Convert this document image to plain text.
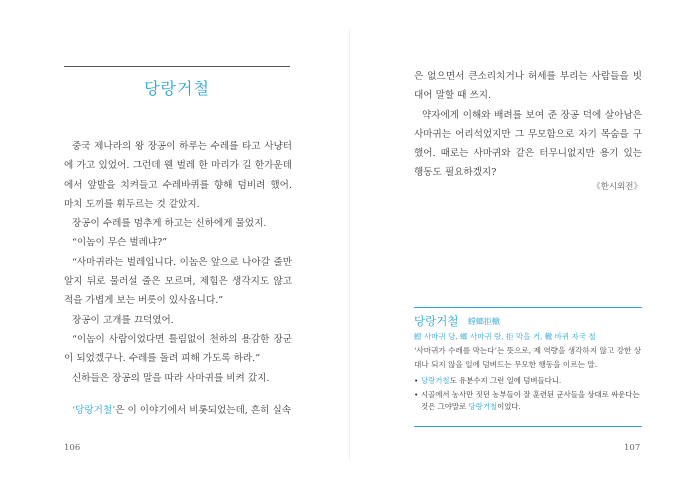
당랑거철

중국 제나라의 왕 장공이 하루는 수레를 타고 사냥터에 가고 있었어. 그런데 웬 벌레 한 마리가 길 한가운데에서 앞발을 치켜들고 수레바퀴를 향해 덤비려 했어. 마치 도끼를 휘두르는 것 같았지.

장공이 수레를 멈추게 하고는 신하에게 물었지.

“이놈이 무슨 벌레냐?”

“사마귀라는 벌레입니다. 이놈은 앞으로 나아갈 줄만 알지 뒤로 물러설 줄은 모르며, 제힘은 생각지도 않고 적을 가볍게 보는 버릇이 있사옵니다.”

장공이 고개를 끄덕였어.

“이놈이 사람이었다면 틀림없이 천하의 용감한 장군이 되었겠구나. 수레를 돌려 피해 가도록 하라.”

신하들은 장공의 말을 따라 사마귀를 비켜 갔지.

‘당랑거철’은 이 이야기에서 비롯되었는데, 흔히 실속
106

은 없으면서 큰소리치거나 허세를 부리는 사람들을 빗대어 말할 때 쓰지.

약자에게 이해와 배려를 보여 준 장공 덕에 살아남은 사마귀는 어리석었지만 그 무모함으로 자기 목숨을 구했어. 때로는 사마귀와 같은 터무니없지만 용기 있는 행동도 필요하겠지?

《한시외전》
당랑거철 螳螂拒轍
螳 사마귀 당, 螂 사마귀 랑, 拒 막을 거, 轍 바퀴 자국 철
‘사마귀가 수레를 막는다’는 뜻으로, 제 역량을 생각하지 않고 강한 상대나 되지 않을 일에 덤벼드는 무모한 행동을 이르는 말.
• 당랑거철도 유분수지 그런 일에 덤벼들다니.
• 시골에서 농사만 짓던 농부들이 잘 훈련된 군사들을 상대로 싸운다는 것은 그야말로 당랑거철이었다.
107
